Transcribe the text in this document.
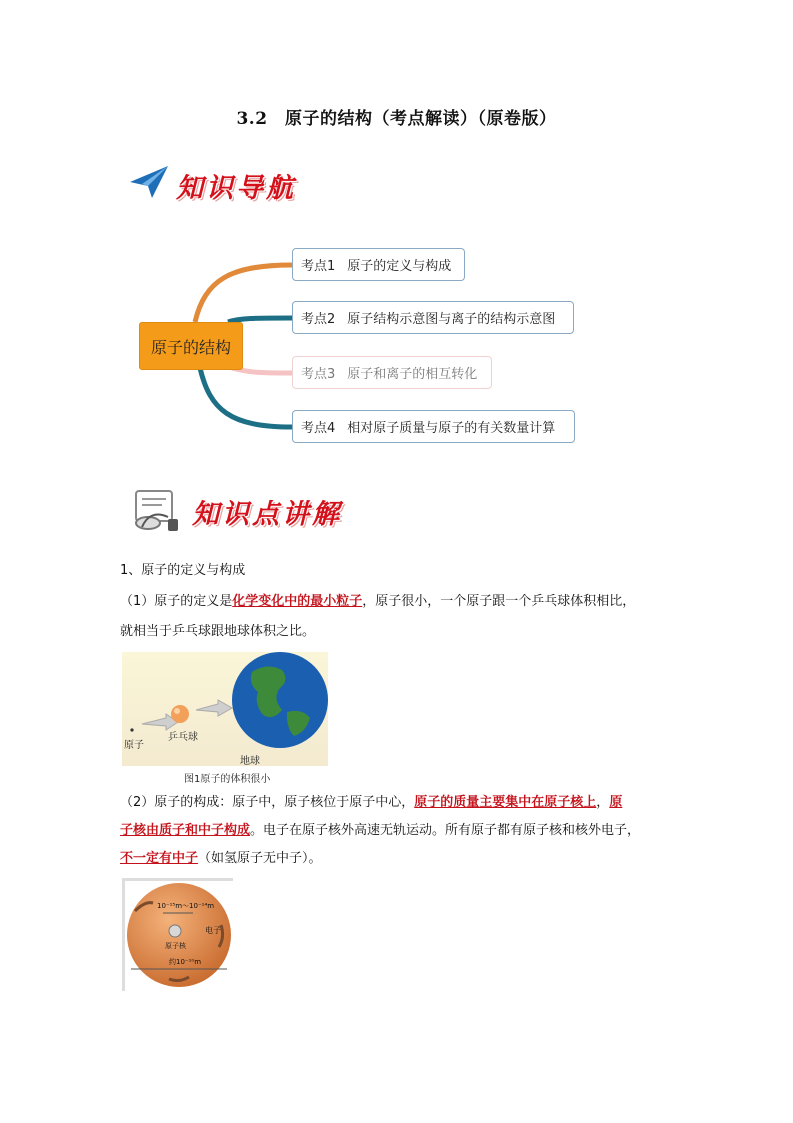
3.2　原子的结构（考点解读）（原卷版）
知识导航
原子的结构
考点1 原子的定义与构成
考点2 原子结构示意图与离子的结构示意图
考点3 原子和离子的相互转化
考点4 相对原子质量与原子的有关数量计算
知识点讲解
1、原子的定义与构成
（1）原子的定义是化学变化中的最小粒子，原子很小，一个原子跟一个乒乓球体积相比，
就相当于乒乓球跟地球体积之比。
原子
乒乓球
地球
图1原子的体积很小
（2）原子的构成：原子中，原子核位于原子中心，原子的质量主要集中在原子核上，原
子核由质子和中子构成。电子在原子核外高速无轨运动。所有原子都有原子核和核外电子，
不一定有中子（如氢原子无中子）。
10⁻¹⁵m～10⁻¹⁴m
电子
原子核
约10⁻¹⁰m
